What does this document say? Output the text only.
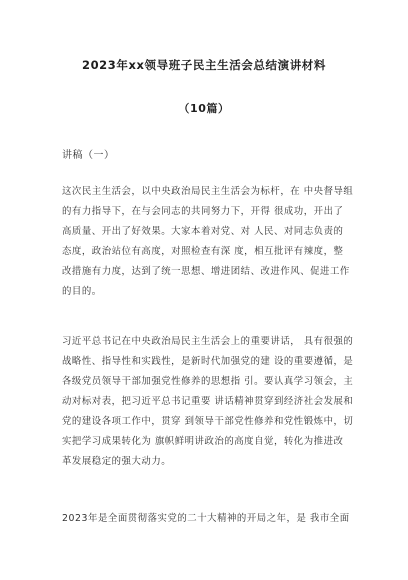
2023年xx领导班子民主生活会总结演讲材料
（10篇）
讲稿（一）
这次民主生活会，以中央政治局民主生活会为标杆，在 中央督导组
的有力指导下，在与会同志的共同努力下，开得 很成功，开出了
高质量、开出了好效果。大家本着对党、对 人民、对同志负责的
态度，政治站位有高度，对照检查有深 度，相互批评有辣度，整
改措施有力度，达到了统一思想、增进团结、改进作风、促进工作
的目的。
习近平总书记在中央政治局民主生活会上的重要讲话， 具有很强的
战略性、指导性和实践性，是新时代加强党的建 设的重要遵循，是
各级党员领导干部加强党性修养的思想指 引。要认真学习领会，主
动对标对表，把习近平总书记重要 讲话精神贯穿到经济社会发展和
党的建设各项工作中，贯穿 到领导干部党性修养和党性锻炼中，切
实把学习成果转化为 旗帜鲜明讲政治的高度自觉，转化为推进改
革发展稳定的强大动力。
2023年是全面贯彻落实党的二十大精神的开局之年，是 我市全面
